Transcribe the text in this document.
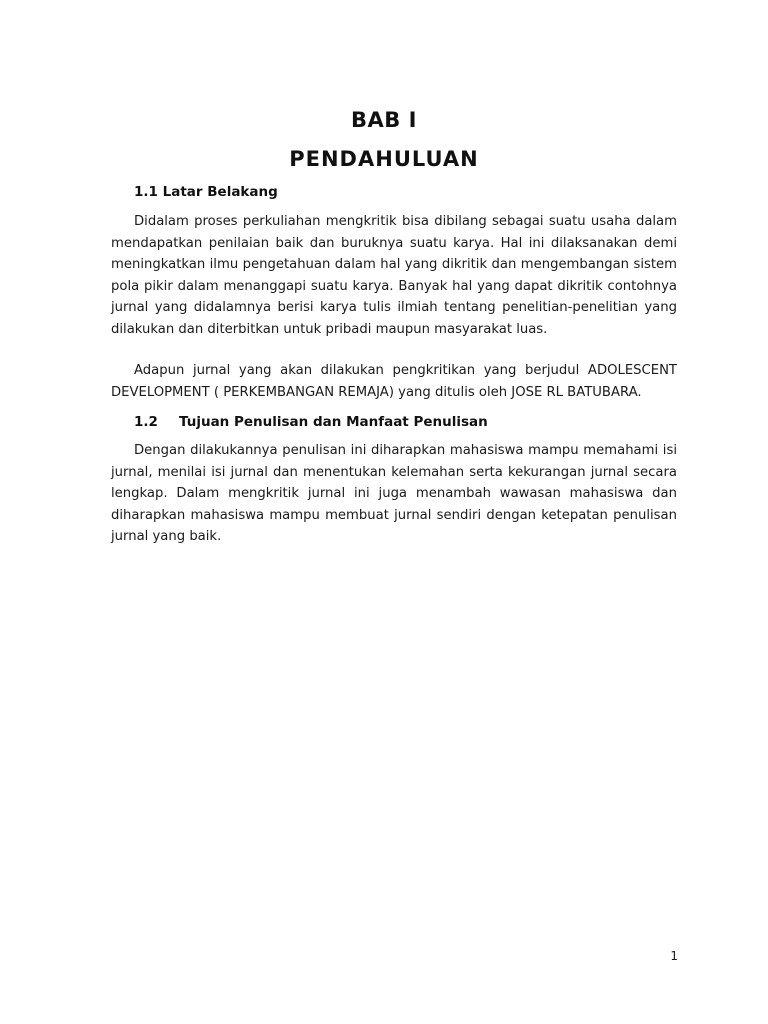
BAB I
PENDAHULUAN
1.1 Latar Belakang

Didalam proses perkuliahan mengkritik bisa dibilang sebagai suatu usaha dalam mendapatkan penilaian baik dan buruknya suatu karya. Hal ini dilaksanakan demi meningkatkan ilmu pengetahuan dalam hal yang dikritik dan mengembangan sistem pola pikir dalam menanggapi suatu karya. Banyak hal yang dapat dikritik contohnya jurnal yang didalamnya berisi karya tulis ilmiah tentang penelitian-penelitian yang dilakukan dan diterbitkan untuk pribadi maupun masyarakat luas.

Adapun jurnal yang akan dilakukan pengkritikan yang berjudul ADOLESCENT DEVELOPMENT ( PERKEMBANGAN REMAJA) yang ditulis oleh JOSE RL BATUBARA.

1.2 Tujuan Penulisan dan Manfaat Penulisan

Dengan dilakukannya penulisan ini diharapkan mahasiswa mampu memahami isi jurnal, menilai isi jurnal dan menentukan kelemahan serta kekurangan jurnal secara lengkap. Dalam mengkritik jurnal ini juga menambah wawasan mahasiswa dan diharapkan mahasiswa mampu membuat jurnal sendiri dengan ketepatan penulisan jurnal yang baik.

1
